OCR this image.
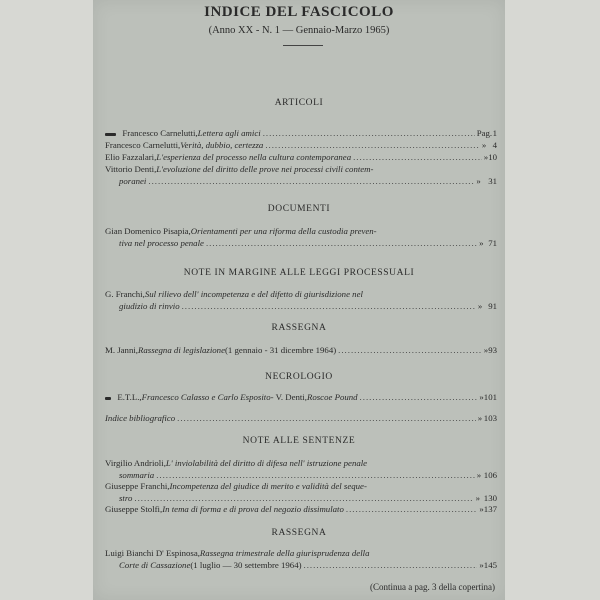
INDICE DEL FASCICOLO
(Anno XX - N. 1 — Gennaio-Marzo 1965)
ARTICOLI
Francesco Carnelutti, Lettera agli amici .....	Pag. 1
Francesco Carnelutti, Verità, dubbio, certezza .....	» 4
Elio Fazzalari, L'esperienza del processo nella cultura contemporanea .....	» 10
Vittorio Denti, L'evoluzione del diritto delle prove nei processi civili contem-
poranei .....	» 31
DOCUMENTI
Gian Domenico Pisapia, Orientamenti per una riforma della custodia preven-
tiva nel processo penale .....	» 71
NOTE IN MARGINE ALLE LEGGI PROCESSUALI
G. Franchi, Sul rilievo dell' incompetenza e del difetto di giurisdizione nel
giudizio di rinvio .....	» 91
RASSEGNA
M. Janni, Rassegna di legislazione (1 gennaio - 31 dicembre 1964) .....	» 93
NECROLOGIO
E.T.L., Francesco Calasso e Carlo Esposito - V. Denti, Roscoe Pound .....	» 101
Indice bibliografico .....	» 103
NOTE ALLE SENTENZE
Virgilio Andrioli, L' inviolabilità del diritto di difesa nell' istruzione penale
sommaria .....	» 106
Giuseppe Franchi, Incompetenza del giudice di merito e validità del seque-
stro .....	» 130
Giuseppe Stolfi, In tema di forma e di prova del negozio dissimulato .....	» 137
RASSEGNA
Luigi Bianchi D' Espinosa, Rassegna trimestrale della giurisprudenza della
Corte di Cassazione (1 luglio — 30 settembre 1964) .....	» 145
(Continua a pag. 3 della copertina)
